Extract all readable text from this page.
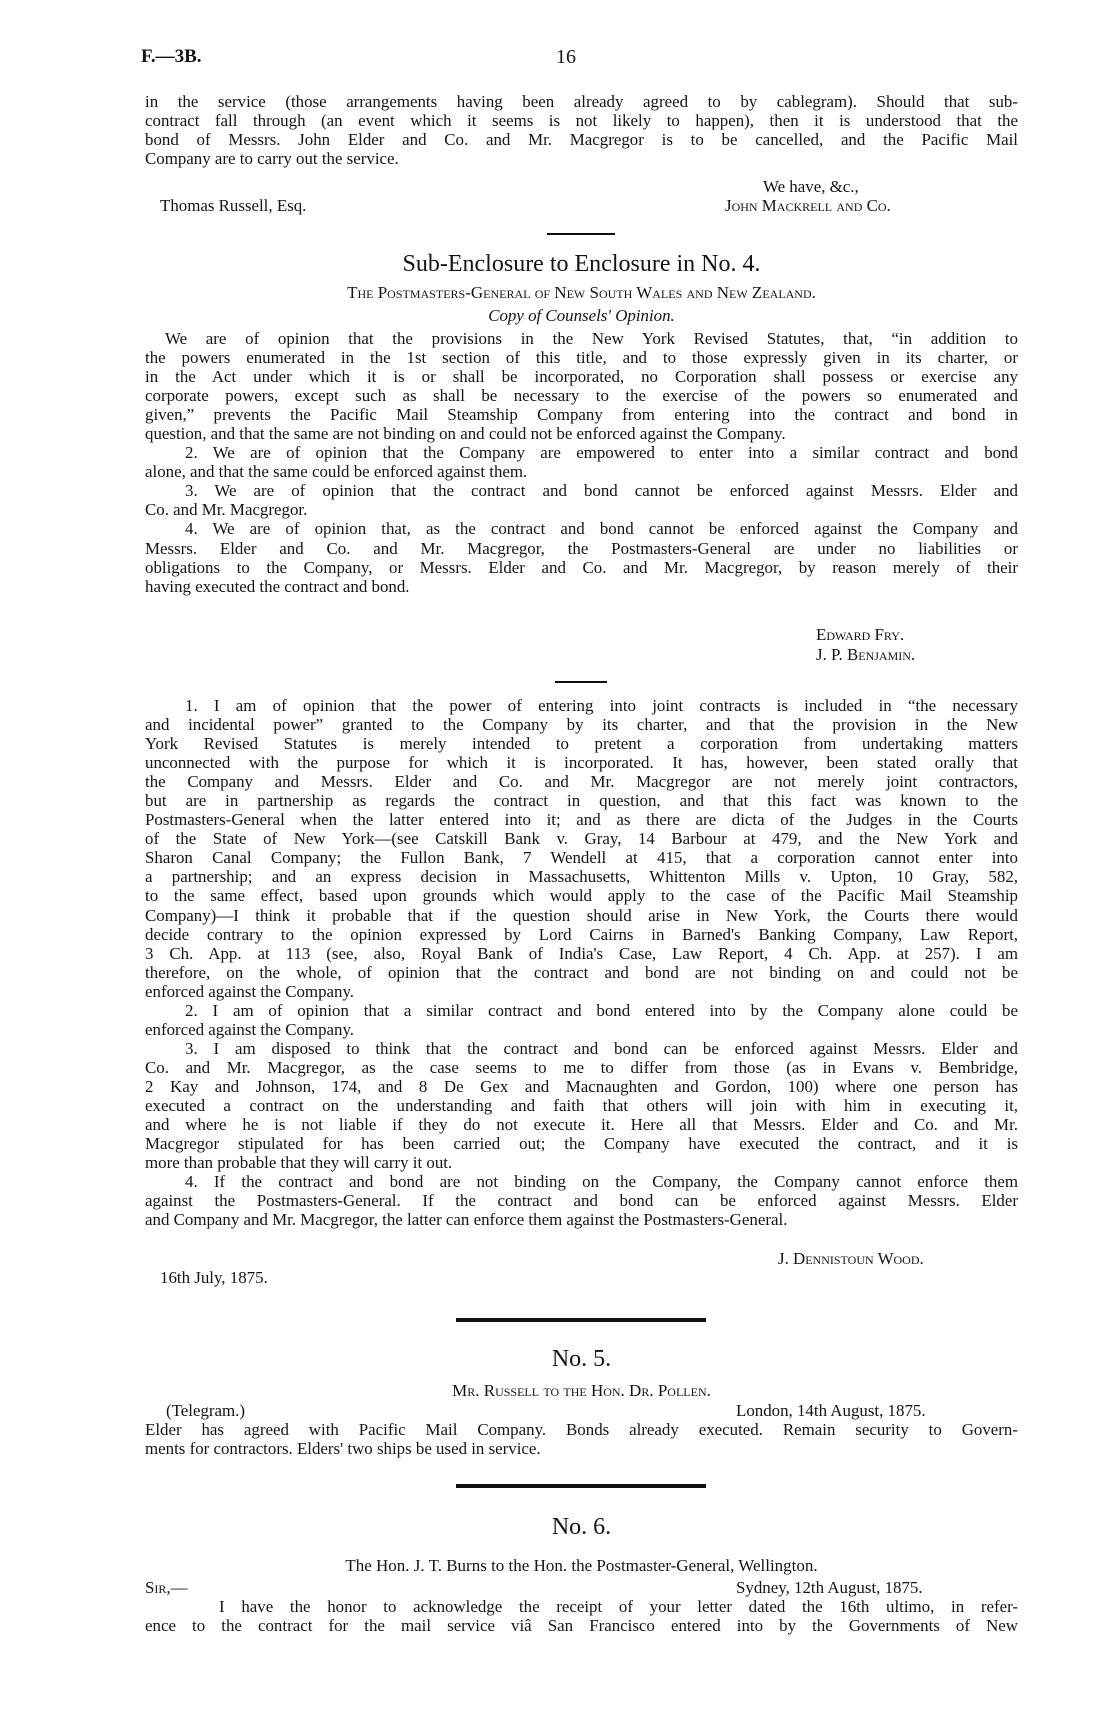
F.—3B.	16
in the service (those arrangements having been already agreed to by cablegram). Should that sub-
contract fall through (an event which it seems is not likely to happen), then it is understood that the
bond of Messrs. John Elder and Co. and Mr. Macgregor is to be cancelled, and the Pacific Mail
Company are to carry out the service.
We have, &c.,
Thomas Russell, Esq.	John Mackrell and Co.
Sub-Enclosure to Enclosure in No. 4.
The Postmasters-General of New South Wales and New Zealand.
Copy of Counsels' Opinion.
We are of opinion that the provisions in the New York Revised Statutes, that, “in addition to
the powers enumerated in the 1st section of this title, and to those expressly given in its charter, or
in the Act under which it is or shall be incorporated, no Corporation shall possess or exercise any
corporate powers, except such as shall be necessary to the exercise of the powers so enumerated and
given,” prevents the Pacific Mail Steamship Company from entering into the contract and bond in
question, and that the same are not binding on and could not be enforced against the Company.
2. We are of opinion that the Company are empowered to enter into a similar contract and bond
alone, and that the same could be enforced against them.
3. We are of opinion that the contract and bond cannot be enforced against Messrs. Elder and
Co. and Mr. Macgregor.
4. We are of opinion that, as the contract and bond cannot be enforced against the Company and
Messrs. Elder and Co. and Mr. Macgregor, the Postmasters-General are under no liabilities or
obligations to the Company, or Messrs. Elder and Co. and Mr. Macgregor, by reason merely of their
having executed the contract and bond.
Edward Fry.
J. P. Benjamin.
1. I am of opinion that the power of entering into joint contracts is included in “the necessary
and incidental power” granted to the Company by its charter, and that the provision in the New
York Revised Statutes is merely intended to pretent a corporation from undertaking matters
unconnected with the purpose for which it is incorporated. It has, however, been stated orally that
the Company and Messrs. Elder and Co. and Mr. Macgregor are not merely joint contractors,
but are in partnership as regards the contract in question, and that this fact was known to the
Postmasters-General when the latter entered into it; and as there are dicta of the Judges in the Courts
of the State of New York—(see Catskill Bank v. Gray, 14 Barbour at 479, and the New York and
Sharon Canal Company; the Fullon Bank, 7 Wendell at 415, that a corporation cannot enter into
a partnership; and an express decision in Massachusetts, Whittenton Mills v. Upton, 10 Gray, 582,
to the same effect, based upon grounds which would apply to the case of the Pacific Mail Steamship
Company)—I think it probable that if the question should arise in New York, the Courts there would
decide contrary to the opinion expressed by Lord Cairns in Barned's Banking Company, Law Report,
3 Ch. App. at 113 (see, also, Royal Bank of India's Case, Law Report, 4 Ch. App. at 257). I am
therefore, on the whole, of opinion that the contract and bond are not binding on and could not be
enforced against the Company.
2. I am of opinion that a similar contract and bond entered into by the Company alone could be
enforced against the Company.
3. I am disposed to think that the contract and bond can be enforced against Messrs. Elder and
Co. and Mr. Macgregor, as the case seems to me to differ from those (as in Evans v. Bembridge,
2 Kay and Johnson, 174, and 8 De Gex and Macnaughten and Gordon, 100) where one person has
executed a contract on the understanding and faith that others will join with him in executing it,
and where he is not liable if they do not execute it. Here all that Messrs. Elder and Co. and Mr.
Macgregor stipulated for has been carried out; the Company have executed the contract, and it is
more than probable that they will carry it out.
4. If the contract and bond are not binding on the Company, the Company cannot enforce them
against the Postmasters-General. If the contract and bond can be enforced against Messrs. Elder
and Company and Mr. Macgregor, the latter can enforce them against the Postmasters-General.
J. Dennistoun Wood.
16th July, 1875.
No. 5.
Mr. Russell to the Hon. Dr. Pollen.
(Telegram.)	London, 14th August, 1875.
Elder has agreed with Pacific Mail Company. Bonds already executed. Remain security to Govern-
ments for contractors. Elders' two ships be used in service.
No. 6.
The Hon. J. T. Burns to the Hon. the Postmaster-General, Wellington.
Sir,—	Sydney, 12th August, 1875.
I have the honor to acknowledge the receipt of your letter dated the 16th ultimo, in refer-
ence to the contract for the mail service viâ San Francisco entered into by the Governments of New
